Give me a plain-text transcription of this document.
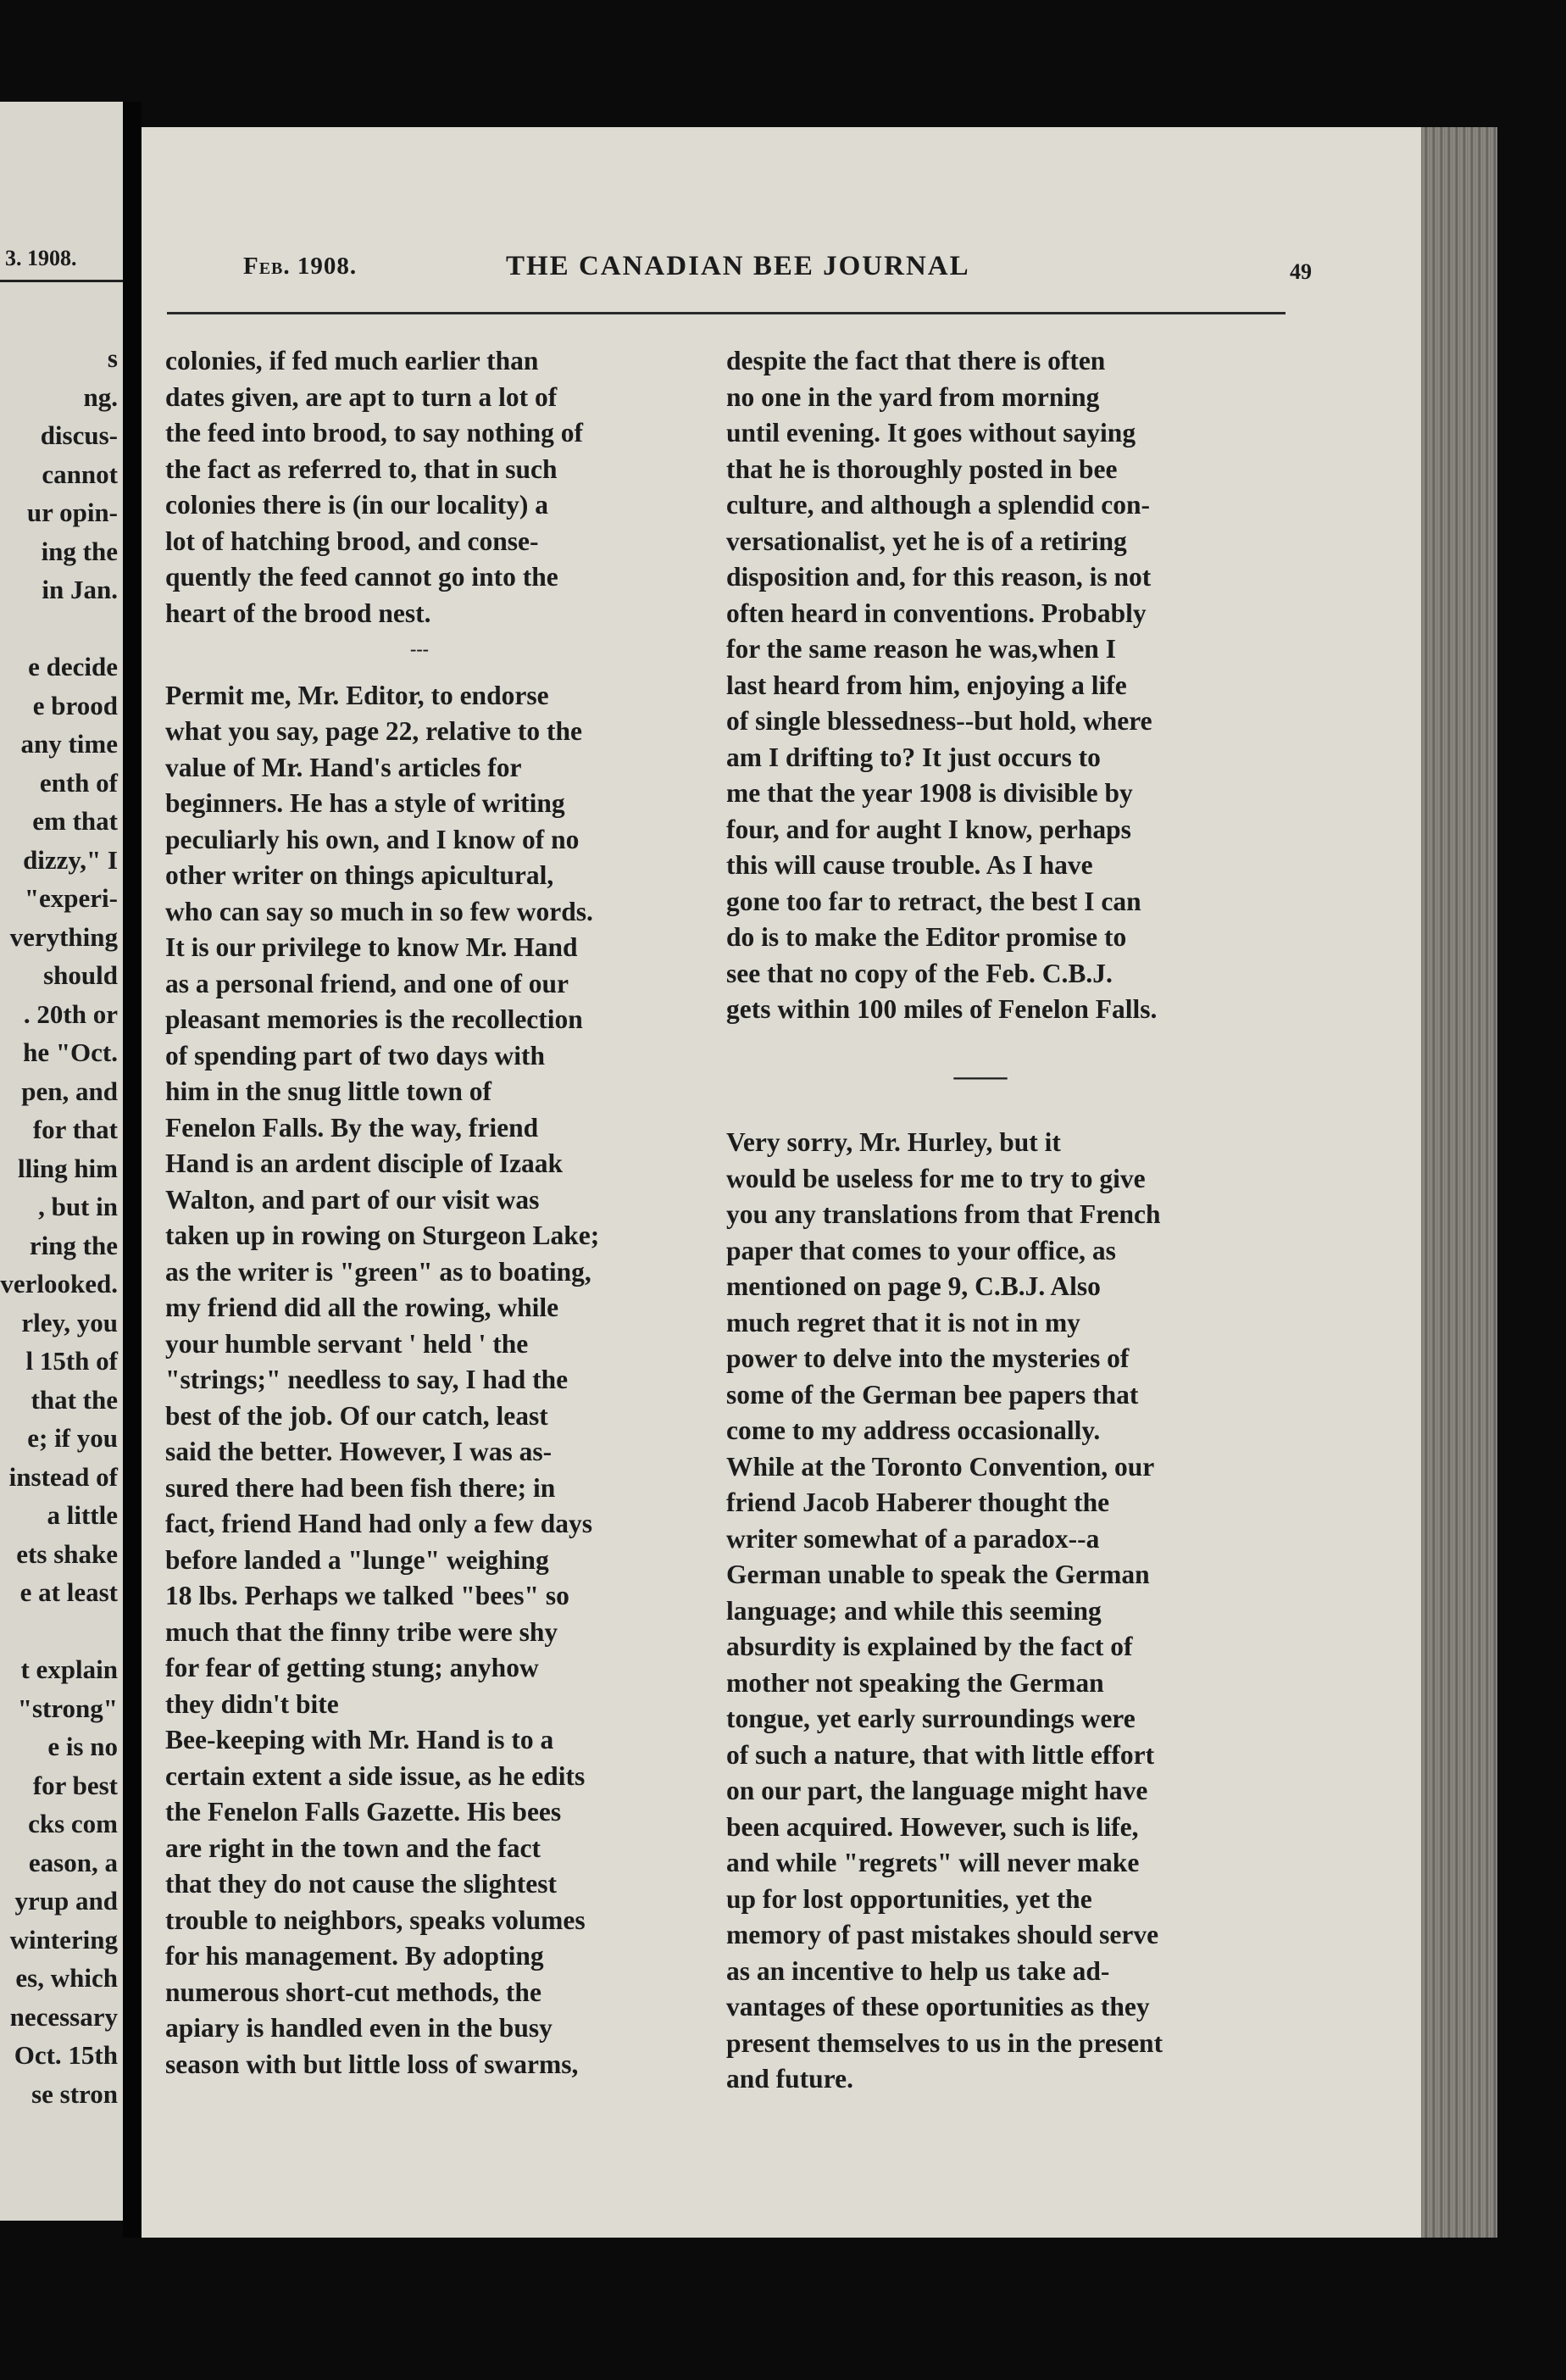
3. 1908.
s
ng.
discus-
cannot
ur opin-
ing the
in Jan.

e decide
e brood
any time
enth of
em that
dizzy," I
"experi-
verything
should
. 20th or
he "Oct.
pen, and
for that
lling him
, but in
ring the
verlooked.
rley, you
l 15th of
that the
e; if you
instead of
a little
ets shake
e at least

t explain
"strong"
e is no
for best
cks com
eason, a
yrup and
wintering
es, which
necessary
Oct. 15th
se stron
Feb. 1908.	THE CANADIAN BEE JOURNAL	49
colonies, if fed much earlier than
dates given, are apt to turn a lot of
the feed into brood, to say nothing of
the fact as referred to, that in such
colonies there is (in our locality) a
lot of hatching brood, and conse-
quently the feed cannot go into the
heart of the brood nest.
---
Permit me, Mr. Editor, to endorse
what you say, page 22, relative to the
value of Mr. Hand's articles for
beginners. He has a style of writing
peculiarly his own, and I know of no
other writer on things apicultural,
who can say so much in so few words.
It is our privilege to know Mr. Hand
as a personal friend, and one of our
pleasant memories is the recollection
of spending part of two days with
him in the snug little town of
Fenelon Falls. By the way, friend
Hand is an ardent disciple of Izaak
Walton, and part of our visit was
taken up in rowing on Sturgeon Lake;
as the writer is "green" as to boating,
my friend did all the rowing, while
your humble servant ' held ' the
"strings;" needless to say, I had the
best of the job. Of our catch, least
said the better. However, I was as-
sured there had been fish there; in
fact, friend Hand had only a few days
before landed a "lunge" weighing
18 lbs. Perhaps we talked "bees" so
much that the finny tribe were shy
for fear of getting stung; anyhow
they didn't bite
Bee-keeping with Mr. Hand is to a
certain extent a side issue, as he edits
the Fenelon Falls Gazette. His bees
are right in the town and the fact
that they do not cause the slightest
trouble to neighbors, speaks volumes
for his management. By adopting
numerous short-cut methods, the
apiary is handled even in the busy
season with but little loss of swarms,
despite the fact that there is often
no one in the yard from morning
until evening. It goes without saying
that he is thoroughly posted in bee
culture, and although a splendid con-
versationalist, yet he is of a retiring
disposition and, for this reason, is not
often heard in conventions. Probably
for the same reason he was,when I
last heard from him, enjoying a life
of single blessedness--but hold, where
am I drifting to? It just occurs to
me that the year 1908 is divisible by
four, and for aught I know, perhaps
this will cause trouble. As I have
gone too far to retract, the best I can
do is to make the Editor promise to
see that no copy of the Feb. C.B.J.
gets within 100 miles of Fenelon Falls.
——
Very sorry, Mr. Hurley, but it
would be useless for me to try to give
you any translations from that French
paper that comes to your office, as
mentioned on page 9, C.B.J. Also
much regret that it is not in my
power to delve into the mysteries of
some of the German bee papers that
come to my address occasionally.
While at the Toronto Convention, our
friend Jacob Haberer thought the
writer somewhat of a paradox--a
German unable to speak the German
language; and while this seeming
absurdity is explained by the fact of
mother not speaking the German
tongue, yet early surroundings were
of such a nature, that with little effort
on our part, the language might have
been acquired. However, such is life,
and while "regrets" will never make
up for lost opportunities, yet the
memory of past mistakes should serve
as an incentive to help us take ad-
vantages of these oportunities as they
present themselves to us in the present
and future.
